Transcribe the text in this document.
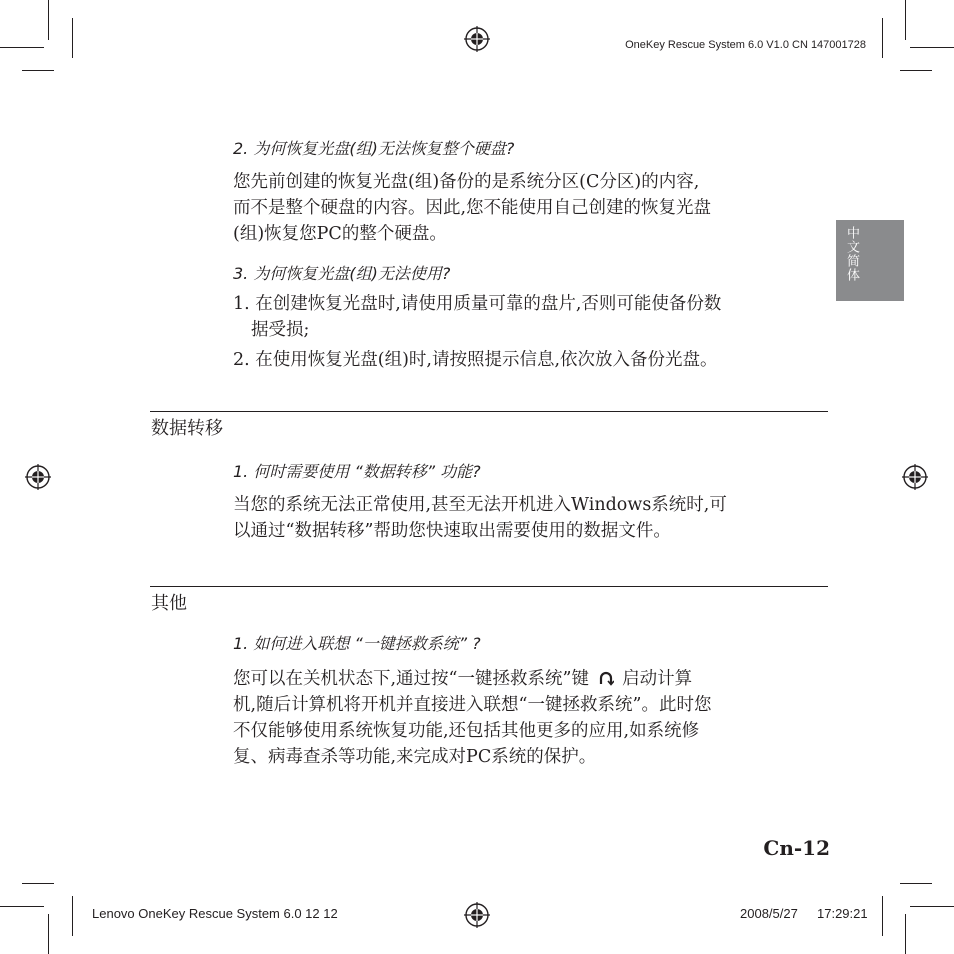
OneKey Rescue System 6.0 V1.0 CN 147001728
中文简体
2. 为何恢复光盘(组)无法恢复整个硬盘?
您先前创建的恢复光盘(组)备份的是系统分区(C分区)的内容,
而不是整个硬盘的内容。因此,您不能使用自己创建的恢复光盘
(组)恢复您PC的整个硬盘。
3. 为何恢复光盘(组)无法使用?
1. 在创建恢复光盘时,请使用质量可靠的盘片,否则可能使备份数
据受损;
2. 在使用恢复光盘(组)时,请按照提示信息,依次放入备份光盘。
数据转移
1. 何时需要使用 “数据转移” 功能?
当您的系统无法正常使用,甚至无法开机进入Windows系统时,可
以通过“数据转移”帮助您快速取出需要使用的数据文件。
其他
1. 如何进入联想 “一键拯救系统” ?
您可以在关机状态下,通过按“一键拯救系统”键 启动计算
机,随后计算机将开机并直接进入联想“一键拯救系统”。此时您
不仅能够使用系统恢复功能,还包括其他更多的应用,如系统修
复、病毒查杀等功能,来完成对PC系统的保护。
Cn-12
Lenovo OneKey Rescue System 6.0 12 12	2008/5/27 17:29:21
